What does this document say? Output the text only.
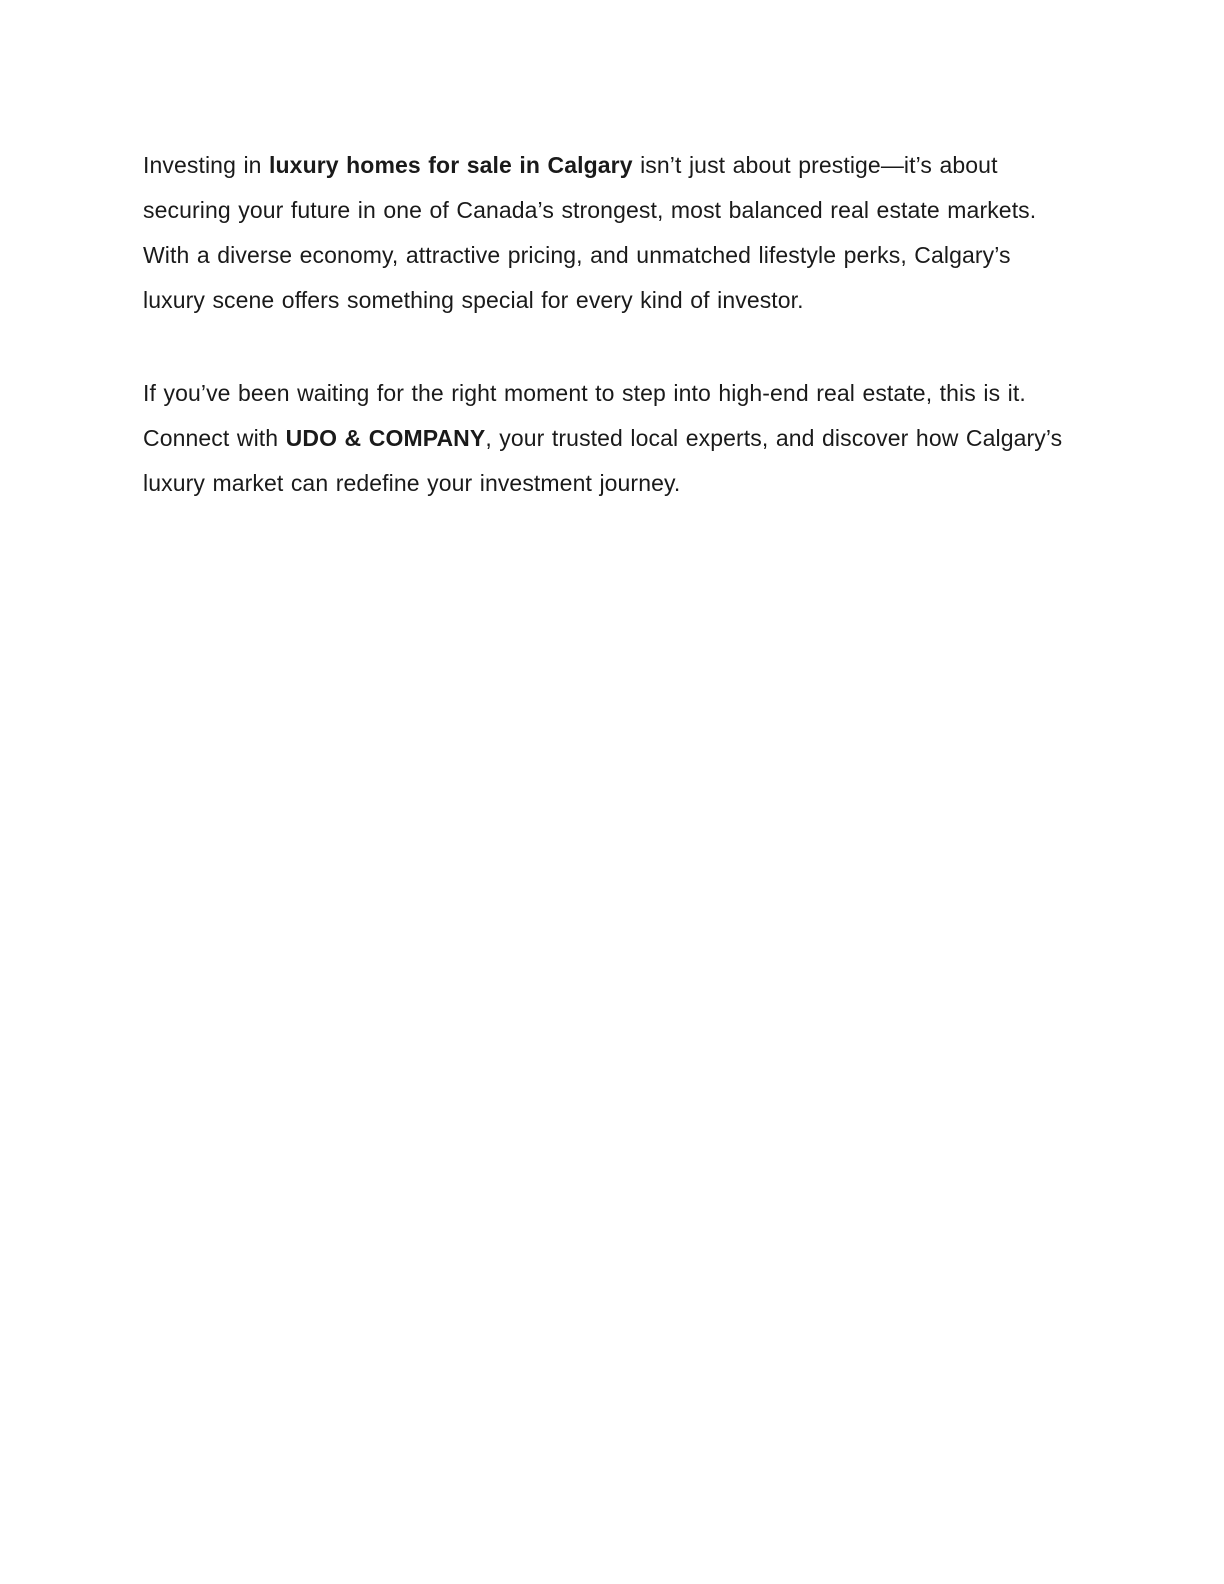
Investing in luxury homes for sale in Calgary isn’t just about prestige—it’s about securing your future in one of Canada’s strongest, most balanced real estate markets. With a diverse economy, attractive pricing, and unmatched lifestyle perks, Calgary’s luxury scene offers something special for every kind of investor.

If you’ve been waiting for the right moment to step into high-end real estate, this is it. Connect with UDO & COMPANY, your trusted local experts, and discover how Calgary’s luxury market can redefine your investment journey.
